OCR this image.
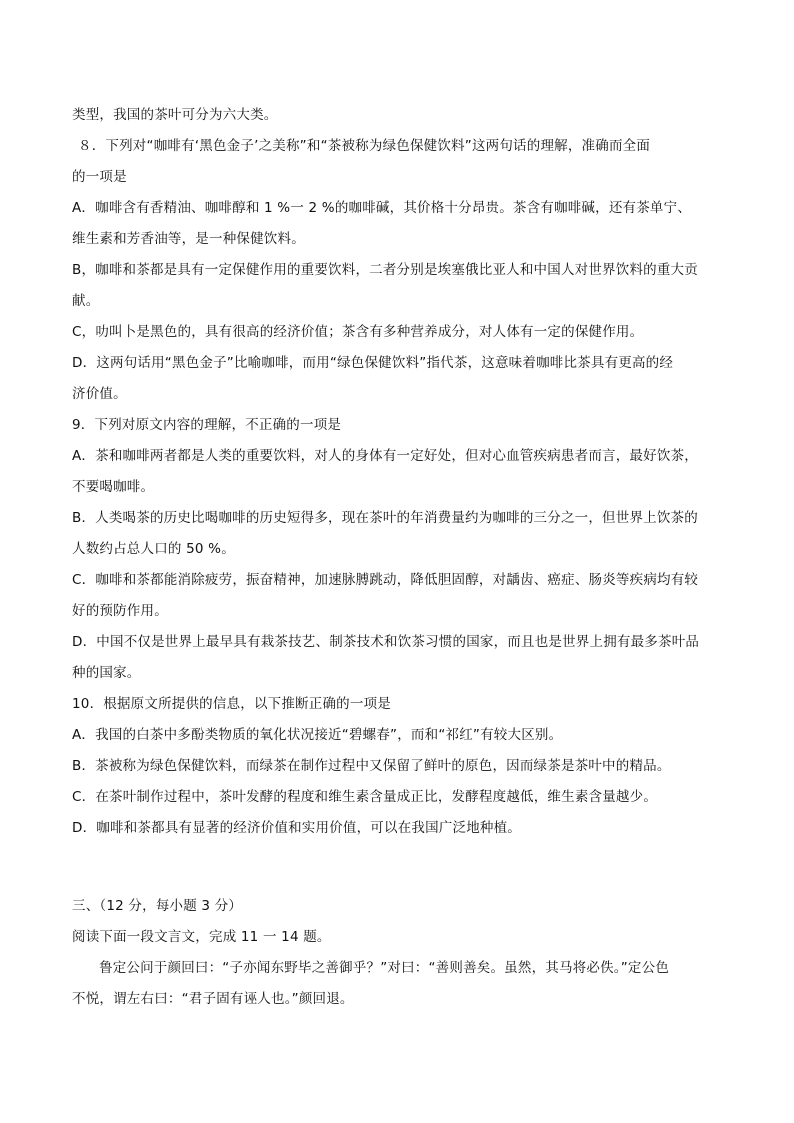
类型，我国的茶叶可分为六大类。
８．下列对“咖啡有‘黑色金子’之美称”和“茶被称为绿色保健饮料”这两句话的理解，准确而全面
的一项是
A．咖啡含有香精油、咖啡醇和 1 %一 2 %的咖啡碱，其价格十分昂贵。茶含有咖啡碱，还有茶单宁、
维生素和芳香油等，是一种保健饮料。
B，咖啡和茶都是具有一定保健作用的重要饮料，二者分别是埃塞俄比亚人和中国人对世界饮料的重大贡
献。
C，叻叫卜是黑色的，具有很高的经济价值；茶含有多种营养成分，对人体有一定的保健作用。
D．这两句话用“黑色金子”比喻咖啡，而用“绿色保健饮料”指代茶，这意味着咖啡比茶具有更高的经
济价值。
9．下列对原文内容的理解，不正确的一项是
A．茶和咖啡两者都是人类的重要饮料，对人的身体有一定好处，但对心血管疾病患者而言，最好饮茶，
不要喝咖啡。
B．人类喝茶的历史比喝咖啡的历史短得多，现在茶叶的年消费量约为咖啡的三分之一，但世界上饮茶的
人数约占总人口的 50 %。
C．咖啡和茶都能消除疲劳，振奋精神，加速脉膊跳动，降低胆固醇，对龋齿、癌症、肠炎等疾病均有较
好的预防作用。
D．中国不仅是世界上最早具有栽茶技艺、制茶技术和饮茶习惯的国家，而且也是世界上拥有最多茶叶品
种的国家。
10．根据原文所提供的信息，以下推断正确的一项是
A．我国的白茶中多酚类物质的氧化状况接近“碧螺春”，而和“祁红”有较大区别。
B．茶被称为绿色保健饮料，而绿茶在制作过程中又保留了鲜叶的原色，因而绿茶是茶叶中的精品。
C．在茶叶制作过程中，茶叶发酵的程度和维生素含量成正比，发酵程度越低，维生素含量越少。
D．咖啡和茶都具有显著的经济价值和实用价值，可以在我国广泛地种植。
三、（12 分，每小题 3 分）
阅读下面一段文言文，完成 11 一 14 题。
鲁定公问于颜回曰：“子亦闻东野毕之善御乎？”对曰：“善则善矣。虽然，其马将必佚。”定公色
不悦，谓左右曰：“君子固有诬人也。”颜回退。
